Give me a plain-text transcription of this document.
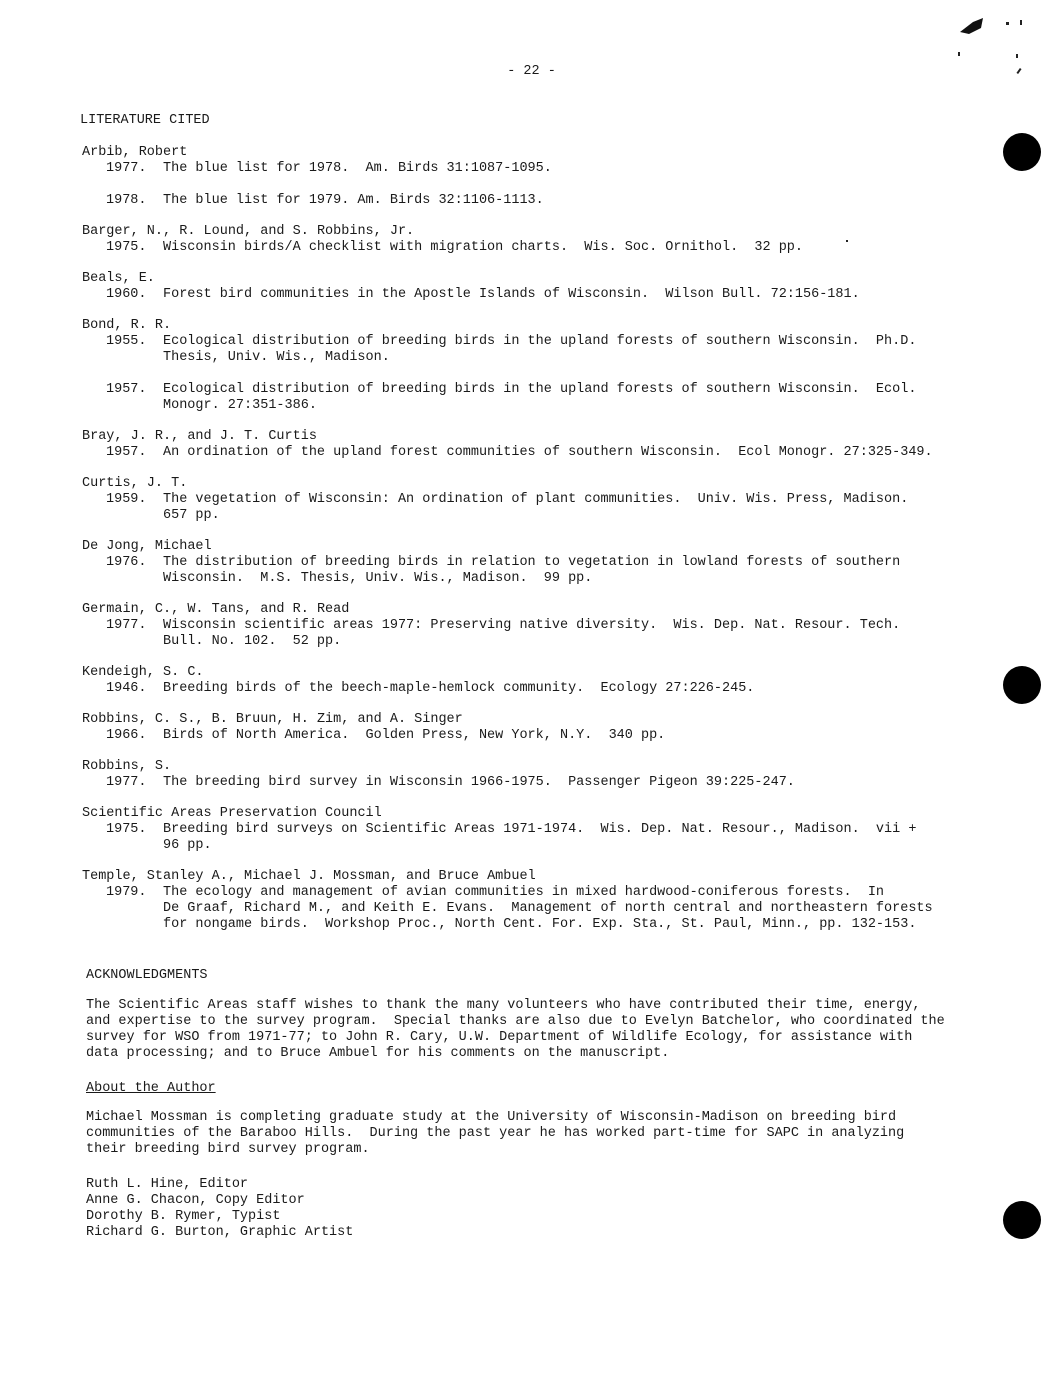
- 22 -
LITERATURE CITED
Arbib, Robert
1977.	The blue list for 1978.  Am. Birds 31:1087-1095.
1978.	The blue list for 1979. Am. Birds 32:1106-1113.
Barger, N., R. Lound, and S. Robbins, Jr.
1975.	Wisconsin birds/A checklist with migration charts.  Wis. Soc. Ornithol.  32 pp.
Beals, E.
1960.	Forest bird communities in the Apostle Islands of Wisconsin.  Wilson Bull. 72:156-181.
Bond, R. R.
1955.	Ecological distribution of breeding birds in the upland forests of southern Wisconsin.  Ph.D.
Thesis, Univ. Wis., Madison.
1957.	Ecological distribution of breeding birds in the upland forests of southern Wisconsin.  Ecol.
Monogr. 27:351-386.
Bray, J. R., and J. T. Curtis
1957.	An ordination of the upland forest communities of southern Wisconsin.  Ecol Monogr. 27:325-349.
Curtis, J. T.
1959.	The vegetation of Wisconsin: An ordination of plant communities.  Univ. Wis. Press, Madison.
657 pp.
De Jong, Michael
1976.	The distribution of breeding birds in relation to vegetation in lowland forests of southern
Wisconsin.  M.S. Thesis, Univ. Wis., Madison.  99 pp.
Germain, C., W. Tans, and R. Read
1977.	Wisconsin scientific areas 1977: Preserving native diversity.  Wis. Dep. Nat. Resour. Tech.
Bull. No. 102.  52 pp.
Kendeigh, S. C.
1946.	Breeding birds of the beech-maple-hemlock community.  Ecology 27:226-245.
Robbins, C. S., B. Bruun, H. Zim, and A. Singer
1966.	Birds of North America.  Golden Press, New York, N.Y.  340 pp.
Robbins, S.
1977.	The breeding bird survey in Wisconsin 1966-1975.  Passenger Pigeon 39:225-247.
Scientific Areas Preservation Council
1975.	Breeding bird surveys on Scientific Areas 1971-1974.  Wis. Dep. Nat. Resour., Madison.  vii +
96 pp.
Temple, Stanley A., Michael J. Mossman, and Bruce Ambuel
1979.	The ecology and management of avian communities in mixed hardwood-coniferous forests.  In
De Graaf, Richard M., and Keith E. Evans.  Management of north central and northeastern forests
for nongame birds.  Workshop Proc., North Cent. For. Exp. Sta., St. Paul, Minn., pp. 132-153.
ACKNOWLEDGMENTS
The Scientific Areas staff wishes to thank the many volunteers who have contributed their time, energy,
and expertise to the survey program.  Special thanks are also due to Evelyn Batchelor, who coordinated the
survey for WSO from 1971-77; to John R. Cary, U.W. Department of Wildlife Ecology, for assistance with
data processing; and to Bruce Ambuel for his comments on the manuscript.
About the Author
Michael Mossman is completing graduate study at the University of Wisconsin-Madison on breeding bird
communities of the Baraboo Hills.  During the past year he has worked part-time for SAPC in analyzing
their breeding bird survey program.
Ruth L. Hine, Editor
Anne G. Chacon, Copy Editor
Dorothy B. Rymer, Typist
Richard G. Burton, Graphic Artist
